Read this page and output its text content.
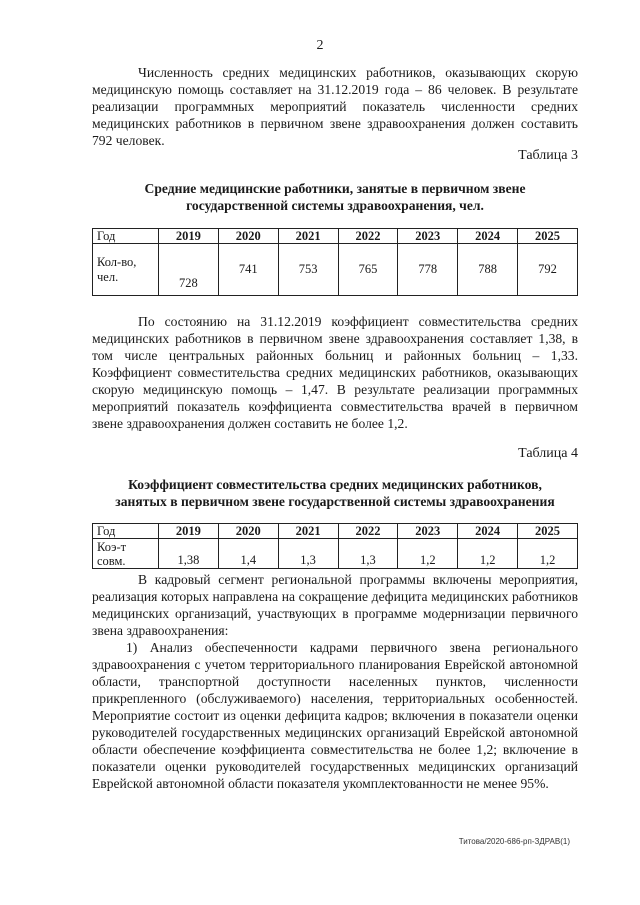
2

Численность средних медицинских работников, оказывающих скорую медицинскую помощь составляет на 31.12.2019 года – 86 человек. В результате реализации программных мероприятий показатель численности средних медицинских работников в первичном звене здравоохранения должен составить 792 человек.

Таблица 3

Средние медицинские работники, занятые в первичном звене
государственной системы здравоохранения, чел.

Год	2019	2020	2021	2022	2023	2024	2025
Кол-во,
чел.	728	741	753	765	778	788	792

По состоянию на 31.12.2019 коэффициент совместительства средних медицинских работников в первичном звене здравоохранения составляет 1,38, в том числе центральных районных больниц и районных больниц – 1,33. Коэффициент совместительства средних медицинских работников, оказывающих скорую медицинскую помощь – 1,47. В результате реализации программных мероприятий показатель коэффициента совместительства врачей в первичном звене здравоохранения должен составить не более 1,2.

Таблица 4

Коэффициент совместительства средних медицинских работников,
занятых в первичном звене государственной системы здравоохранения

Год	2019	2020	2021	2022	2023	2024	2025
Коэ-т
совм.	1,38	1,4	1,3	1,3	1,2	1,2	1,2

В кадровый сегмент региональной программы включены мероприятия, реализация которых направлена на сокращение дефицита медицинских работников медицинских организаций, участвующих в программе модернизации первичного звена здравоохранения:

1) Анализ обеспеченности кадрами первичного звена регионального здравоохранения с учетом территориального планирования Еврейской автономной области, транспортной доступности населенных пунктов, численности прикрепленного (обслуживаемого) населения, территориальных особенностей. Мероприятие состоит из оценки дефицита кадров; включения в показатели оценки руководителей государственных медицинских организаций Еврейской автономной области обеспечение коэффициента совместительства не более 1,2; включение в показатели оценки руководителей государственных медицинских организаций Еврейской автономной области показателя укомплектованности не менее 95%.

Титова/2020-686-рп-ЗДРАВ(1)
